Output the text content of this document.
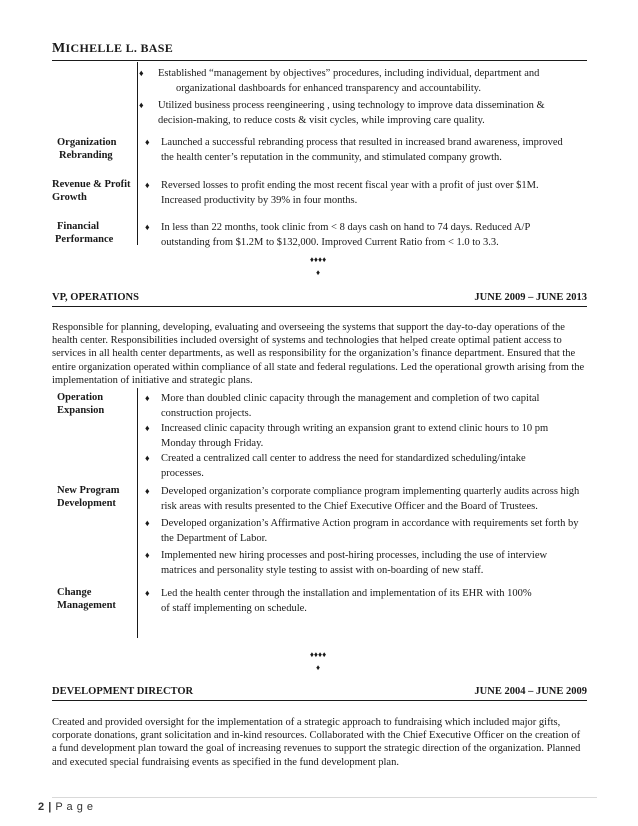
MICHELLE L. BASE
Organization
Rebranding
Revenue & Profit
Growth
Financial
Performance
♦ Established “management by objectives” procedures, including individual, department and
organizational dashboards for enhanced transparency and accountability.
♦ Utilized business process reengineering , using technology to improve data dissemination &
decision-making, to reduce costs & visit cycles, while improving care quality.
♦ Launched a successful rebranding process that resulted in increased brand awareness, improved
the health center’s reputation in the community, and stimulated company growth.
♦ Reversed losses to profit ending the most recent fiscal year with a profit of just over $1M.
Increased productivity by 39% in four months.
♦ In less than 22 months, took clinic from < 8 days cash on hand to 74 days. Reduced A/P
outstanding from $1.2M to $132,000. Improved Current Ratio from < 1.0 to 3.3.
♦♦♦♦
♦
VP, OPERATIONS	JUNE 2009 – JUNE 2013
Responsible for planning, developing, evaluating and overseeing the systems that support the day-to-day operations of the
health center. Responsibilities included oversight of systems and technologies that helped create optimal patient access to
services in all health center departments, as well as responsibility for the organization’s finance department. Ensured that the
entire organization operated within compliance of all state and federal regulations. Led the operational growth arising from the
implementation of initiative and strategic plans.
Operation
Expansion
New Program
Development
Change
Management
♦ More than doubled clinic capacity through the management and completion of two capital
construction projects.
♦ Increased clinic capacity through writing an expansion grant to extend clinic hours to 10 pm
Monday through Friday.
♦ Created a centralized call center to address the need for standardized scheduling/intake
processes.
♦ Developed organization’s corporate compliance program implementing quarterly audits across high
risk areas with results presented to the Chief Executive Officer and the Board of Trustees.
♦ Developed organization’s Affirmative Action program in accordance with requirements set forth by
the Department of Labor.
♦ Implemented new hiring processes and post-hiring processes, including the use of interview
matrices and personality style testing to assist with on-boarding of new staff.
♦ Led the health center through the installation and implementation of its EHR with 100%
of staff implementing on schedule.
♦♦♦♦
♦
DEVELOPMENT DIRECTOR	JUNE 2004 – JUNE 2009
Created and provided oversight for the implementation of a strategic approach to fundraising which included major gifts,
corporate donations, grant solicitation and in-kind resources. Collaborated with the Chief Executive Officer on the creation of
a fund development plan toward the goal of increasing revenues to support the strategic direction of the organization. Planned
and executed special fundraising events as specified in the fund development plan.
2 | P a g e
